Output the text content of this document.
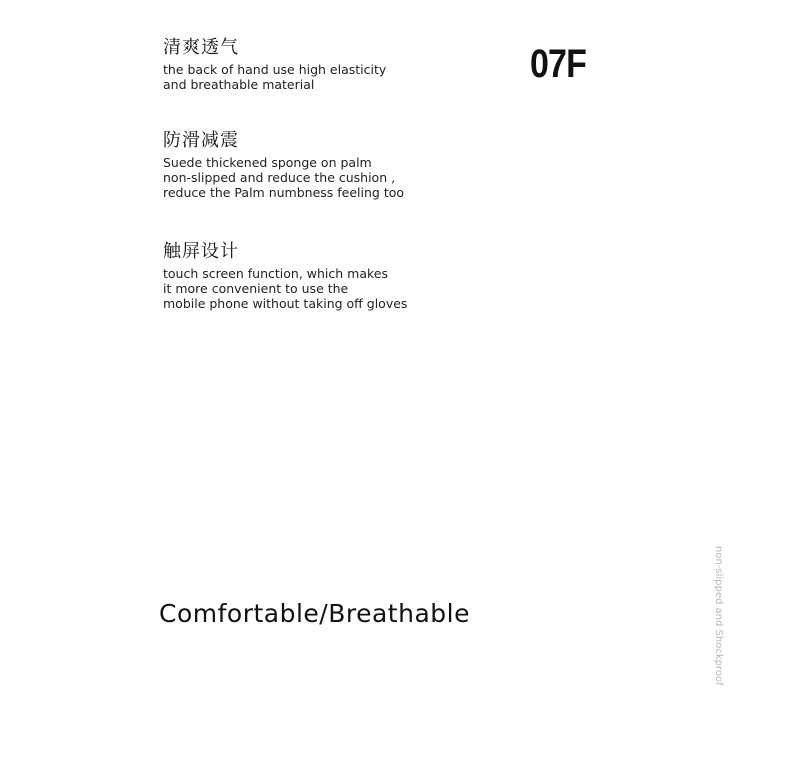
清爽透气
the back of hand use high elasticity
and breathable material
防滑减震
Suede thickened sponge on palm
non-slipped and reduce the cushion ,
reduce the Palm numbness feeling too
触屏设计
touch screen function, which makes
it more convenient to use the
mobile phone without taking off gloves
07F
Comfortable/Breathable	non-slipped and Shockproof
